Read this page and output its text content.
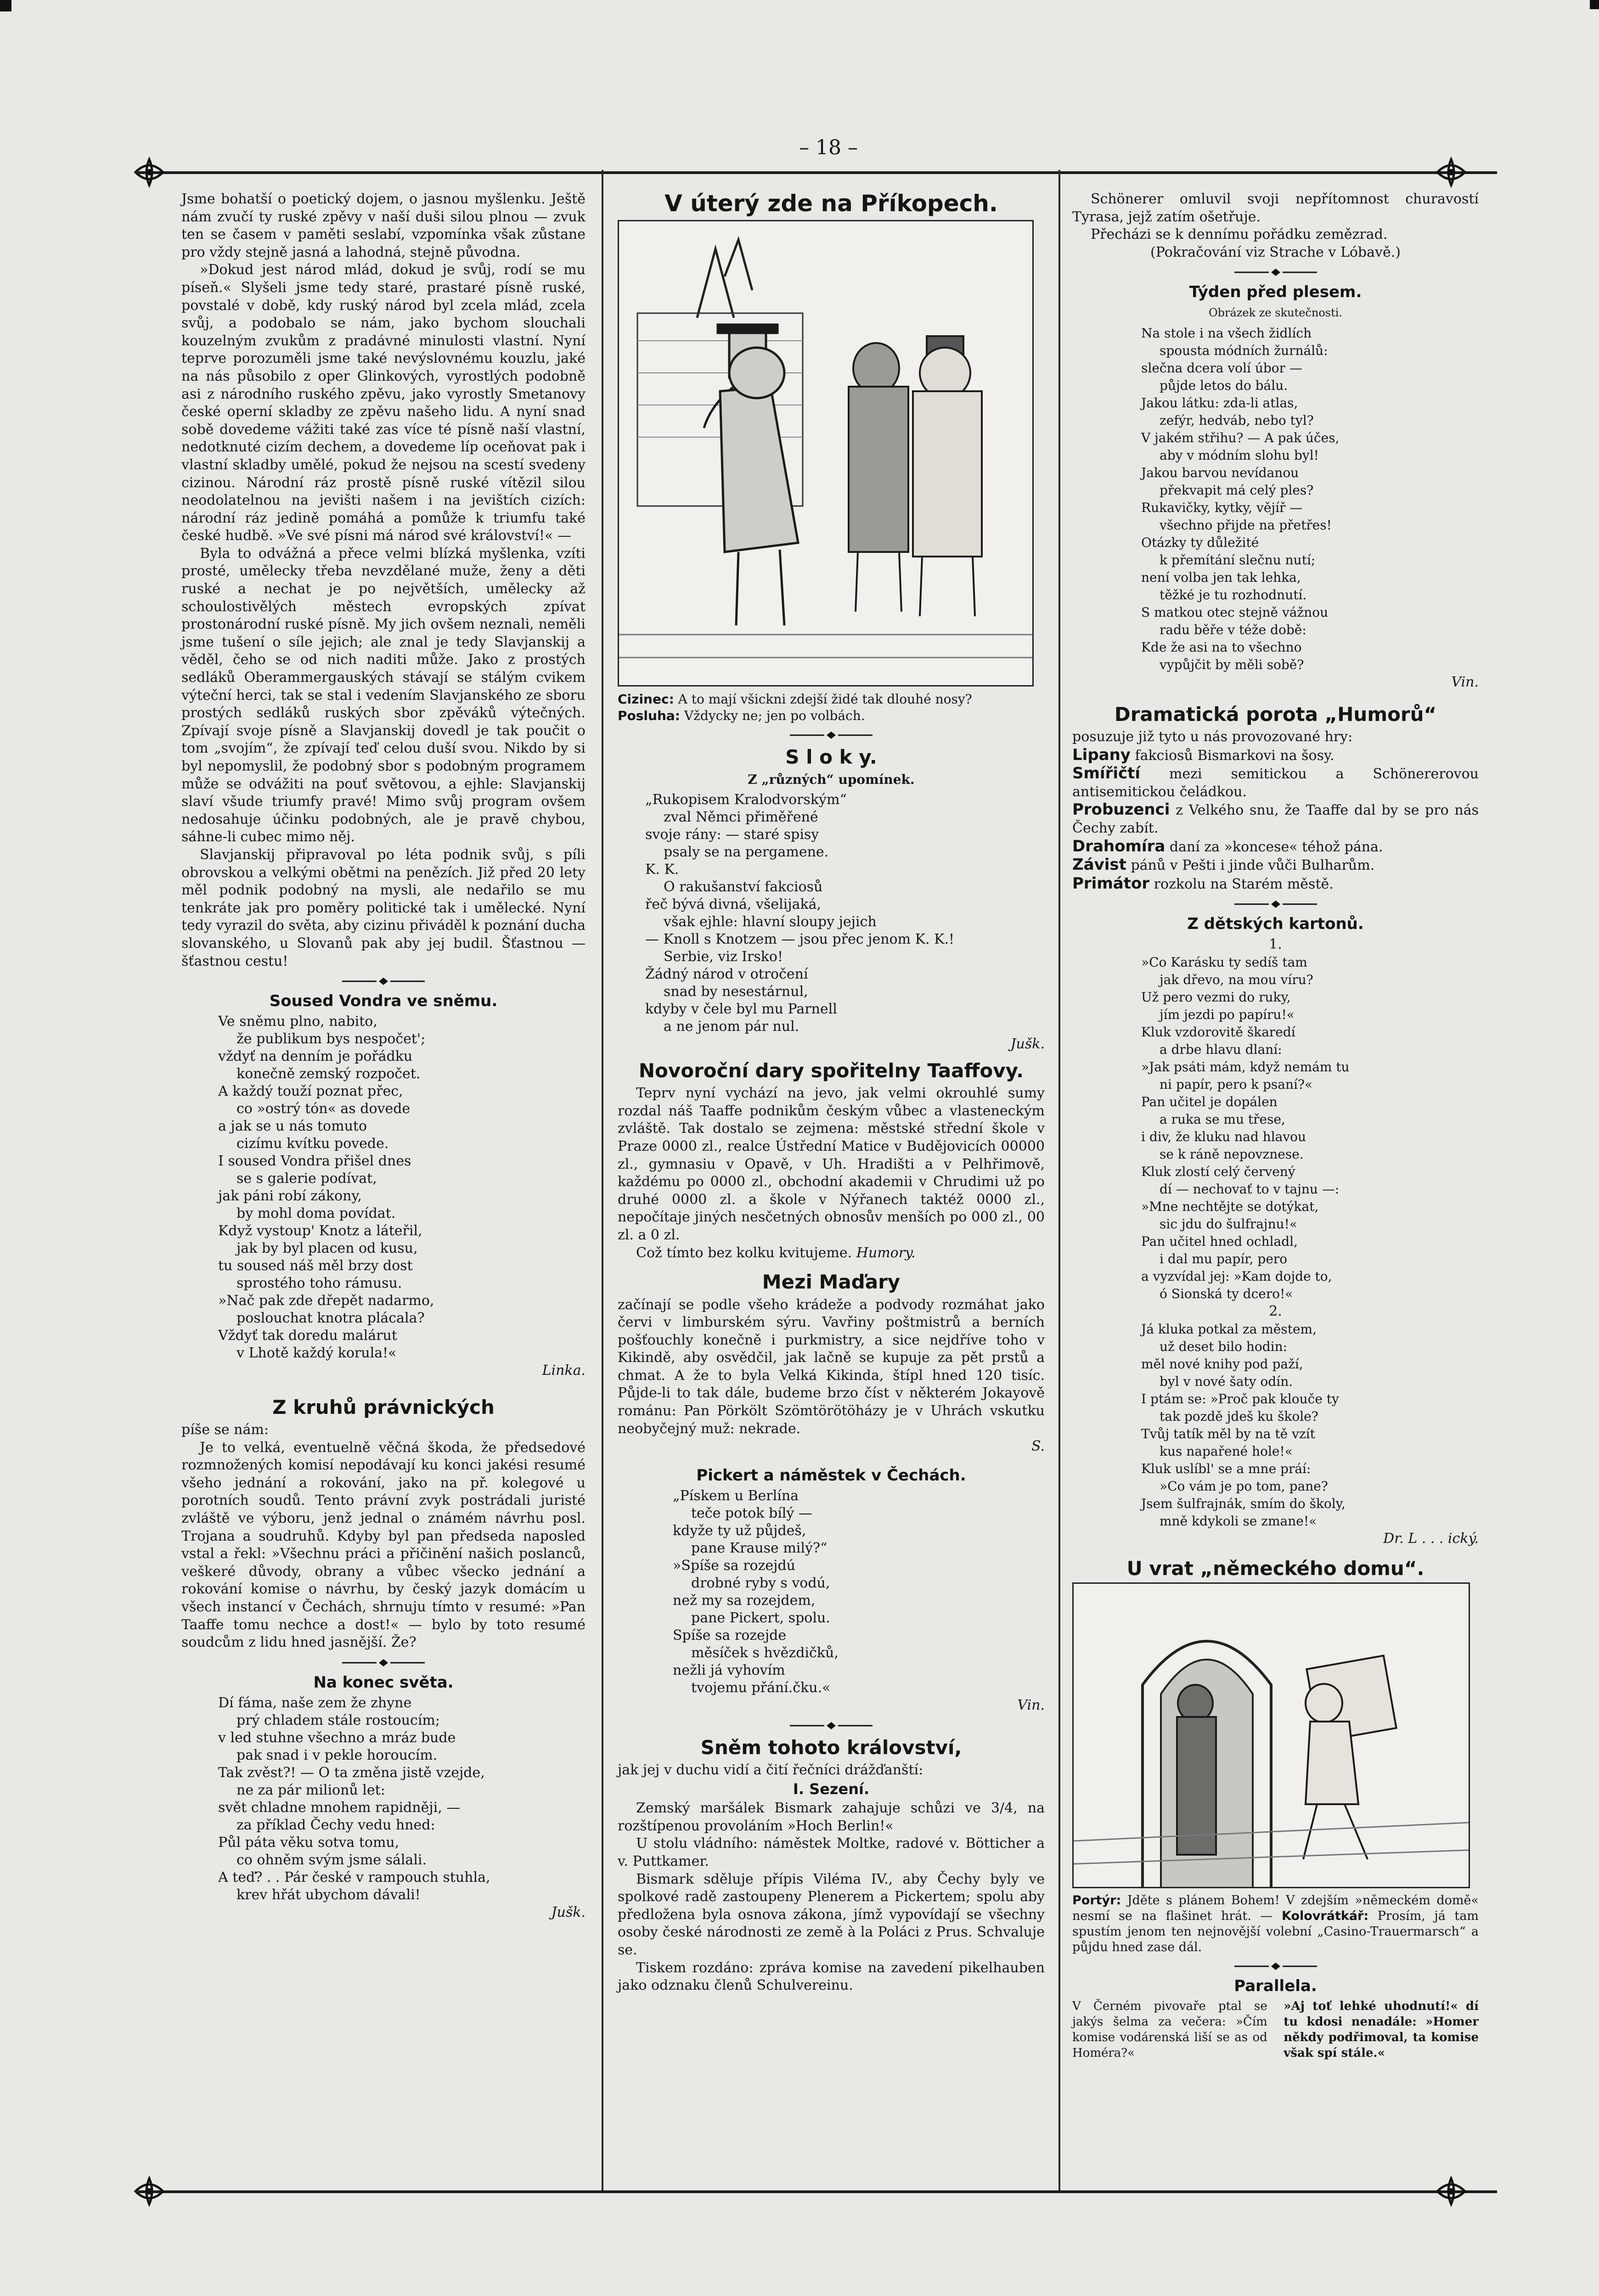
– 18 –

Jsme bohatší o poetický dojem, o jasnou myšlenku. Ještě nám zvučí ty ruské zpěvy v naší duši silou plnou — zvuk ten se časem v paměti seslabí, vzpomínka však zůstane pro vždy stejně jasná a lahodná, stejně původna.

»Dokud jest národ mlád, dokud je svůj, rodí se mu píseň.« Slyšeli jsme tedy staré, prastaré písně ruské, povstalé v době, kdy ruský národ byl zcela mlád, zcela svůj, a podobalo se nám, jako bychom slouchali kouzelným zvukům z pradávné minulosti vlastní. Nyní teprve porozuměli jsme také nevýslovnému kouzlu, jaké na nás působilo z oper Glinkových, vyrostlých podobně asi z národního ruského zpěvu, jako vyrostly Smetanovy české operní skladby ze zpěvu našeho lidu. A nyní snad sobě dovedeme vážiti také zas více té písně naší vlastní, nedotknuté cizím dechem, a dovedeme líp oceňovat pak i vlastní skladby umělé, pokud že nejsou na scestí svedeny cizinou. Národní ráz prostě písně ruské vítězil silou neodolatelnou na jevišti našem i na jevištích cizích: národní ráz jedině pomáhá a pomůže k triumfu také české hudbě. »Ve své písni má národ své království!« —

Byla to odvážná a přece velmi blízká myšlenka, vzíti prosté, umělecky třeba nevzdělané muže, ženy a děti ruské a nechat je po největších, umělecky až schoulostivělých městech evropských zpívat prostonárodní ruské písně. My jich ovšem neznali, neměli jsme tušení o síle jejich; ale znal je tedy Slavjanskij a věděl, čeho se od nich naditi může. Jako z prostých sedláků Oberammergauských stávají se stálým cvikem výteční herci, tak se stal i vedením Slavjanského ze sboru prostých sedláků ruských sbor zpěváků výtečných. Zpívají svoje písně a Slavjanskij dovedl je tak poučit o tom „svojím“, že zpívají teď celou duší svou. Nikdo by si byl nepomyslil, že podobný sbor s podobným programem může se odvážiti na pouť světovou, a ejhle: Slavjanskij slaví všude triumfy pravé! Mimo svůj program ovšem nedosahuje účinku podobných, ale je pravě chybou, sáhne-li cubec mimo něj.

Slavjanskij připravoval po léta podnik svůj, s píli obrovskou a velkými obětmi na penězích. Již před 20 lety měl podnik podobný na mysli, ale nedařilo se mu tenkráte jak pro poměry politické tak i umělecké. Nyní tedy vyrazil do světa, aby cizinu přiváděl k poznání ducha slovanského, u Slovanů pak aby jej budil. Šťastnou — šťastnou cestu!

Soused Vondra ve sněmu.
Ve sněmu plno, nabito,
že publikum bys nespočet';
vždyť na denním je pořádku
konečně zemský rozpočet.
A každý touží poznat přec,
co »ostrý tón« as dovede
a jak se u nás tomuto
cizímu kvítku povede.
I soused Vondra přišel dnes
se s galerie podívat,
jak páni robí zákony,
by mohl doma povídat.
Když vystoup' Knotz a láteřil,
jak by byl placen od kusu,
tu soused náš měl brzy dost
sprostého toho rámusu.
»Nač pak zde dřepět nadarmo,
poslouchat knotra plácala?
Vždyť tak doredu malárut
v Lhotě každý korula!«
Linka.
Z kruhů právnických

píše se nám:

Je to velká, eventuelně věčná škoda, že předsedové rozmnožených komisí nepodávají ku konci jakési resumé všeho jednání a rokování, jako na př. kolegové u porotních soudů. Tento právní zvyk postrádali juristé zvláště ve výboru, jenž jednal o známém návrhu posl. Trojana a soudruhů. Kdyby byl pan předseda naposled vstal a řekl: »Všechnu práci a přičinění našich poslanců, veškeré důvody, obrany a vůbec všecko jednání a rokování komise o návrhu, by český jazyk domácím u všech instancí v Čechách, shrnuju tímto v resumé: »Pan Taaffe tomu nechce a dost!« — bylo by toto resumé soudcům z lidu hned jasnější. Že?

Na konec světa.
Dí fáma, naše zem že zhyne
prý chladem stále rostoucím;
v led stuhne všechno a mráz bude
pak snad i v pekle horoucím.
Tak zvěst?! — O ta změna jistě vzejde,
ne za pár milionů let:
svět chladne mnohem rapidněji, —
za příklad Čechy vedu hned:
Půl páta věku sotva tomu,
co ohněm svým jsme sálali.
A teď? . . Pár české v rampouch stuhla,
krev hřát ubychom dávali!
Jušk.
V úterý zde na Příkopech.
Cizinec: A to mají všickni zdejší židé tak dlouhé nosy?
Posluha: Vždycky ne; jen po volbách.
S l o k y.
Z „různých“ upomínek.
„Rukopisem Kralodvorským“
zval Němci přiměřené
svoje rány: — staré spisy
psaly se na pergamene.
K. K.
O rakušanství fakciosů
řeč bývá divná, všelijaká,
však ejhle: hlavní sloupy jejich
— Knoll s Knotzem — jsou přec jenom K. K.!
Serbie, viz Irsko!
Žádný národ v otročení
snad by nesestárnul,
kdyby v čele byl mu Parnell
a ne jenom pár nul.
Jušk.
Novoroční dary spořitelny Taaffovy.

Teprv nyní vychází na jevo, jak velmi okrouhlé sumy rozdal náš Taaffe podnikům českým vůbec a vlasteneckým zvláště. Tak dostalo se zejmena: městské střední škole v Praze 0000 zl., realce Ústřední Matice v Budějovicích 00000 zl., gymnasiu v Opavě, v Uh. Hradišti a v Pelhřimově, každému po 0000 zl., obchodní akademii v Chrudimi už po druhé 0000 zl. a škole v Nýřanech taktéž 0000 zl., nepočítaje jiných nesčetných obnosův menších po 000 zl., 00 zl. a 0 zl.

Což tímto bez kolku kvitujeme. Humory.

Mezi Maďary

začínají se podle všeho krádeže a podvody rozmáhat jako červi v limburském sýru. Vavřiny poštmistrů a berních pošťouchly konečně i purkmistry, a sice nejdříve toho v Kikindě, aby osvědčil, jak lačně se kupuje za pět prstů a chmat. A že to byla Velká Kikinda, štípl hned 120 tisíc. Půjde-li to tak dále, budeme brzo číst v některém Jokayově románu: Pan Pörkölt Szömtörötöházy je v Uhrách vskutku neobyčejný muž: nekrade.

S.
Pickert a náměstek v Čechách.
„Pískem u Berlína
teče potok bílý —
kdyže ty už půjdeš,
pane Krause milý?“
»Spíše sa rozejdú
drobné ryby s vodú,
než my sa rozejdem,
pane Pickert, spolu.
Spíše sa rozejde
měsíček s hvězdičků,
nežli já vyhovím
tvojemu přání.čku.«
Vin.
Sněm tohoto království,

jak jej v duchu vidí a čití řečníci drážďanští:

I. Sezení.

Zemský maršálek Bismark zahajuje schůzi ve 3/4, na rozštípenou provoláním »Hoch Berlin!«

U stolu vládního: náměstek Moltke, radové v. Bötticher a v. Puttkamer.

Bismark sděluje přípis Viléma IV., aby Čechy byly ve spolkové radě zastoupeny Plenerem a Pickertem; spolu aby předložena byla osnova zákona, jímž vypovídají se všechny osoby české národnosti ze země à la Poláci z Prus. Schvaluje se.

Tiskem rozdáno: zpráva komise na zavedení pikelhauben jako odznaku členů Schulvereinu.

Schönerer omluvil svoji nepřítomnost churavostí Tyrasa, jejž zatím ošetřuje.

Přecházi se k dennímu pořádku zemězrad.

(Pokračování viz Strache v Lóbavě.)

Týden před plesem.
Obrázek ze skutečnosti.
Na stole i na všech židlích
spousta módních žurnálů:
slečna dcera volí úbor —
půjde letos do bálu.
Jakou látku: zda-li atlas,
zefýr, hedváb, nebo tyl?
V jakém střihu? — A pak účes,
aby v módním slohu byl!
Jakou barvou nevídanou
překvapit má celý ples?
Rukavičky, kytky, vějíř —
všechno přijde na přetřes!
Otázky ty důležité
k přemítání slečnu nutí;
není volba jen tak lehka,
těžké je tu rozhodnutí.
S matkou otec stejně vážnou
radu běře v téže době:
Kde že asi na to všechno
vypůjčit by měli sobě?
Vin.
Dramatická porota „Humorů“

posuzuje již tyto u nás provozované hry:

Lipany fakciosů Bismarkovi na šosy.
Smířičtí mezi semitickou a Schönererovou antisemitickou čeládkou.
Probuzenci z Velkého snu, že Taaffe dal by se pro nás Čechy zabít.
Drahomíra daní za »koncese« téhož pána.
Závist pánů v Pešti i jinde vůči Bulharům.
Primátor rozkolu na Starém městě.
Z dětských kartonů.
1.
»Co Karásku ty sedíš tam
jak dřevo, na mou víru?
Už pero vezmi do ruky,
jím jezdi po papíru!«
Kluk vzdorovitě škaredí
a drbe hlavu dlaní:
»Jak psáti mám, když nemám tu
ni papír, pero k psaní?«
Pan učitel je dopálen
a ruka se mu třese,
i div, že kluku nad hlavou
se k ráně nepovznese.
Kluk zlostí celý červený
dí — nechovať to v tajnu —:
»Mne nechtějte se dotýkat,
sic jdu do šulfrajnu!«
Pan učitel hned ochladl,
i dal mu papír, pero
a vyzvídal jej: »Kam dojde to,
ó Sionská ty dcero!«
2.
Já kluka potkal za městem,
už deset bilo hodin:
měl nové knihy pod paží,
byl v nové šaty odín.
I ptám se: »Proč pak kloučе ty
tak pozdě jdeš ku škole?
Tvůj tatík měl by na tě vzít
kus napařené hole!«
Kluk uslíbl' se a mne práí:
»Co vám je po tom, pane?
Jsem šulfrajnák, smím do školy,
mně kdykoli se zmane!«
Dr. L . . . ický.
U vrat „německého domu“.
Portýr: Jděte s plánem Bohem! V zdejším »německém domě« nesmí se na flašinet hrát. — Kolovrátkář: Prosím, já tam spustím jenom ten nejnovější volební „Casino-Trauermarsch“ a půjdu hned zase dál.
Parallela.
V Černém pivovaře ptal se jakýs šelma za večera: »Čím komise vodárenská liší se as od Homéra?«
»Aj toť lehké uhodnutí!« dí tu kdosi nenadále: »Homer někdy podřimoval, ta komise však spí stále.«
